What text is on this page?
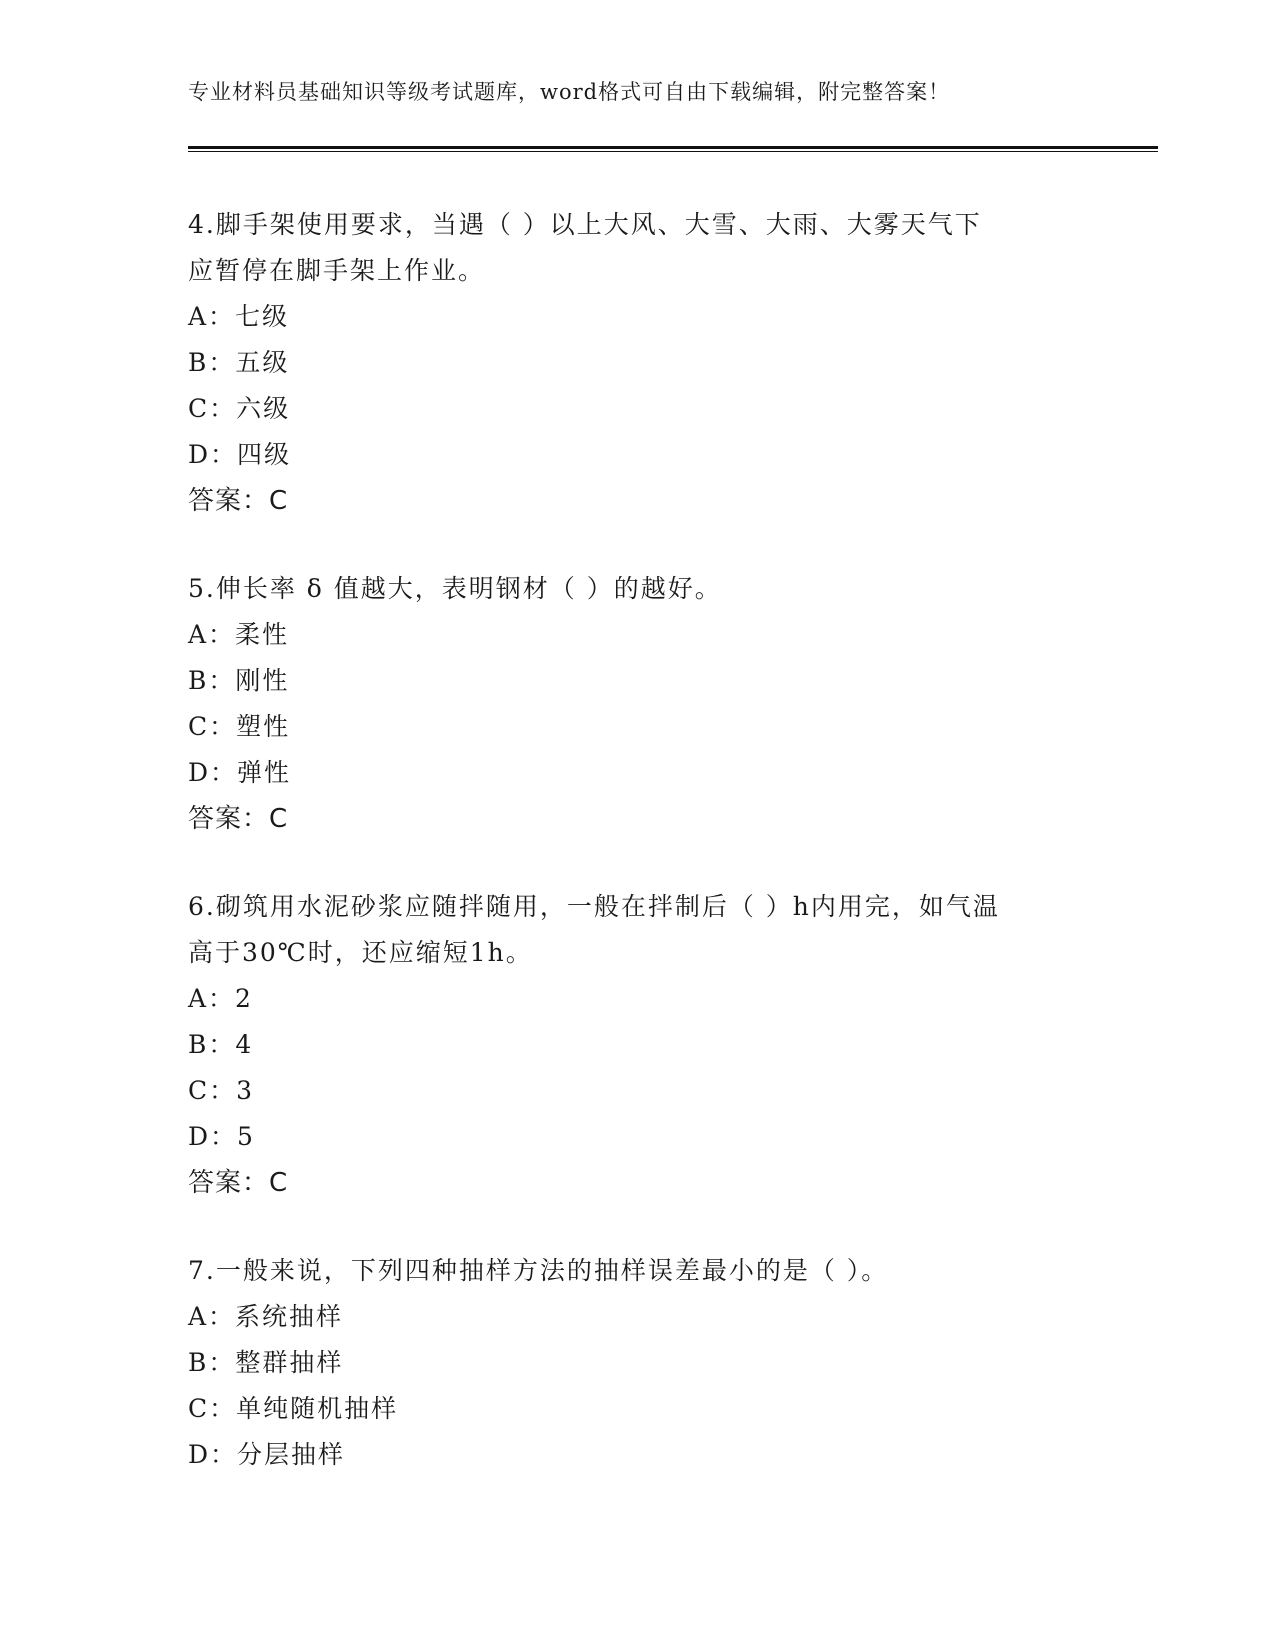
专业材料员基础知识等级考试题库，word格式可自由下载编辑，附完整答案！
4.脚手架使用要求，当遇（ ）以上大风、大雪、大雨、大雾天气下
应暂停在脚手架上作业。
A：七级
B：五级
C：六级
D：四级
答案：C
5.伸长率 δ 值越大，表明钢材（ ）的越好。
A：柔性
B：刚性
C：塑性
D：弹性
答案：C
6.砌筑用水泥砂浆应随拌随用，一般在拌制后（ ）h内用完，如气温
高于30℃时，还应缩短1h。
A：2
B：4
C：3
D：5
答案：C
7.一般来说，下列四种抽样方法的抽样误差最小的是（ ）。
A：系统抽样
B：整群抽样
C：单纯随机抽样
D：分层抽样
